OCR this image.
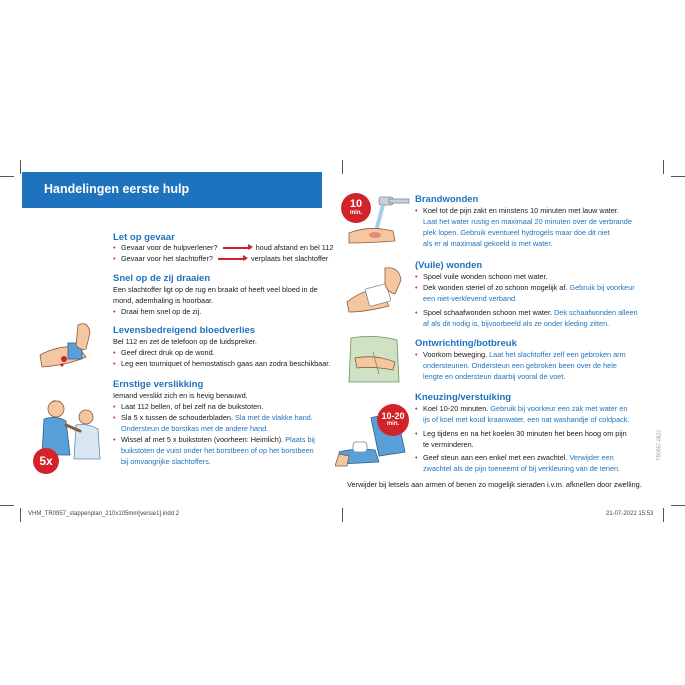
Handelingen eerste hulp
Let op gevaar
• Gevaar voor de hulpverlener?	houd afstand en bel 112
• Gevaar voor het slachtoffer?	verplaats het slachtoffer
Snel op de zij draaien
Een slachtoffer ligt op de rug en braakt of heeft veel bloed in de
mond, ademhaling is hoorbaar.
• Draai hem snel op de zij.
Levensbedreigend bloedverlies
Bel 112 en zet de telefoon op de luidspreker.
• Geef direct druk op de wond.
• Leg een tourniquet of hemostatisch gaas aan zodra beschikbaar.
Ernstige verslikking
Iemand verslikt zich en is hevig benauwd.
• Laat 112 bellen, of bel zelf na de buikstoten.
• Sla 5 x tussen de schouderbladen. Sla met de vlakke hand.
Ondersteun de borstkas met de andere hand.
• Wissel af met 5 x buikstoten (voorheen: Heimlich). Plaats bij
buikstoten de vuist onder het borstbeen of op het borstbeen
bij omvangrijke slachtoffers.
5x
Brandwonden
• Koel tot de pijn zakt en minstens 10 minuten met lauw water.
Laat het water rustig en maximaal 20 minuten over de verbrande
plek lopen. Gebruik eventueel hydrogels maar doe dit niet
als er al maximaal gekoeld is met water.
10
min.
(Vuile) wonden
• Spoel vuile wonden schoon met water.
• Dek wonden steriel of zo schoon mogelijk af. Gebruik bij voorkeur
een niet-verklevend verband.
• Spoel schaafwonden schoon met water. Dek schaafwonden alleen
af als dit nodig is, bijvoorbeeld als ze onder kleding zitten.
Ontwrichting/botbreuk
• Voorkom beweging. Laat het slachtoffer zelf een gebroken arm
ondersteunen. Ondersteun een gebroken been over de hele
lengte en ondersteun daarbij vooral de voet.
Kneuzing/verstuiking
• Koel 10-20 minuten. Gebruik bij voorkeur een zak met water en
ijs of koel met koud kraanwater, een nat washandje of coldpack.
• Leg tijdens en na het koelen 30 minuten het been hoog om pijn
te verminderen.
• Geef steun aan een enkel met een zwachtel. Verwijder een
zwachtel als de pijn toeneemt of bij verkleuring van de tenen.
10-20
min.
Verwijder bij letsels aan armen of benen zo mogelijk sieraden i.v.m. afknellen door zwelling.
TR0957-0822
VHM_TR0957_stappenplan_210x105mm[versie1].indd 2	21-07-2022 15:53
